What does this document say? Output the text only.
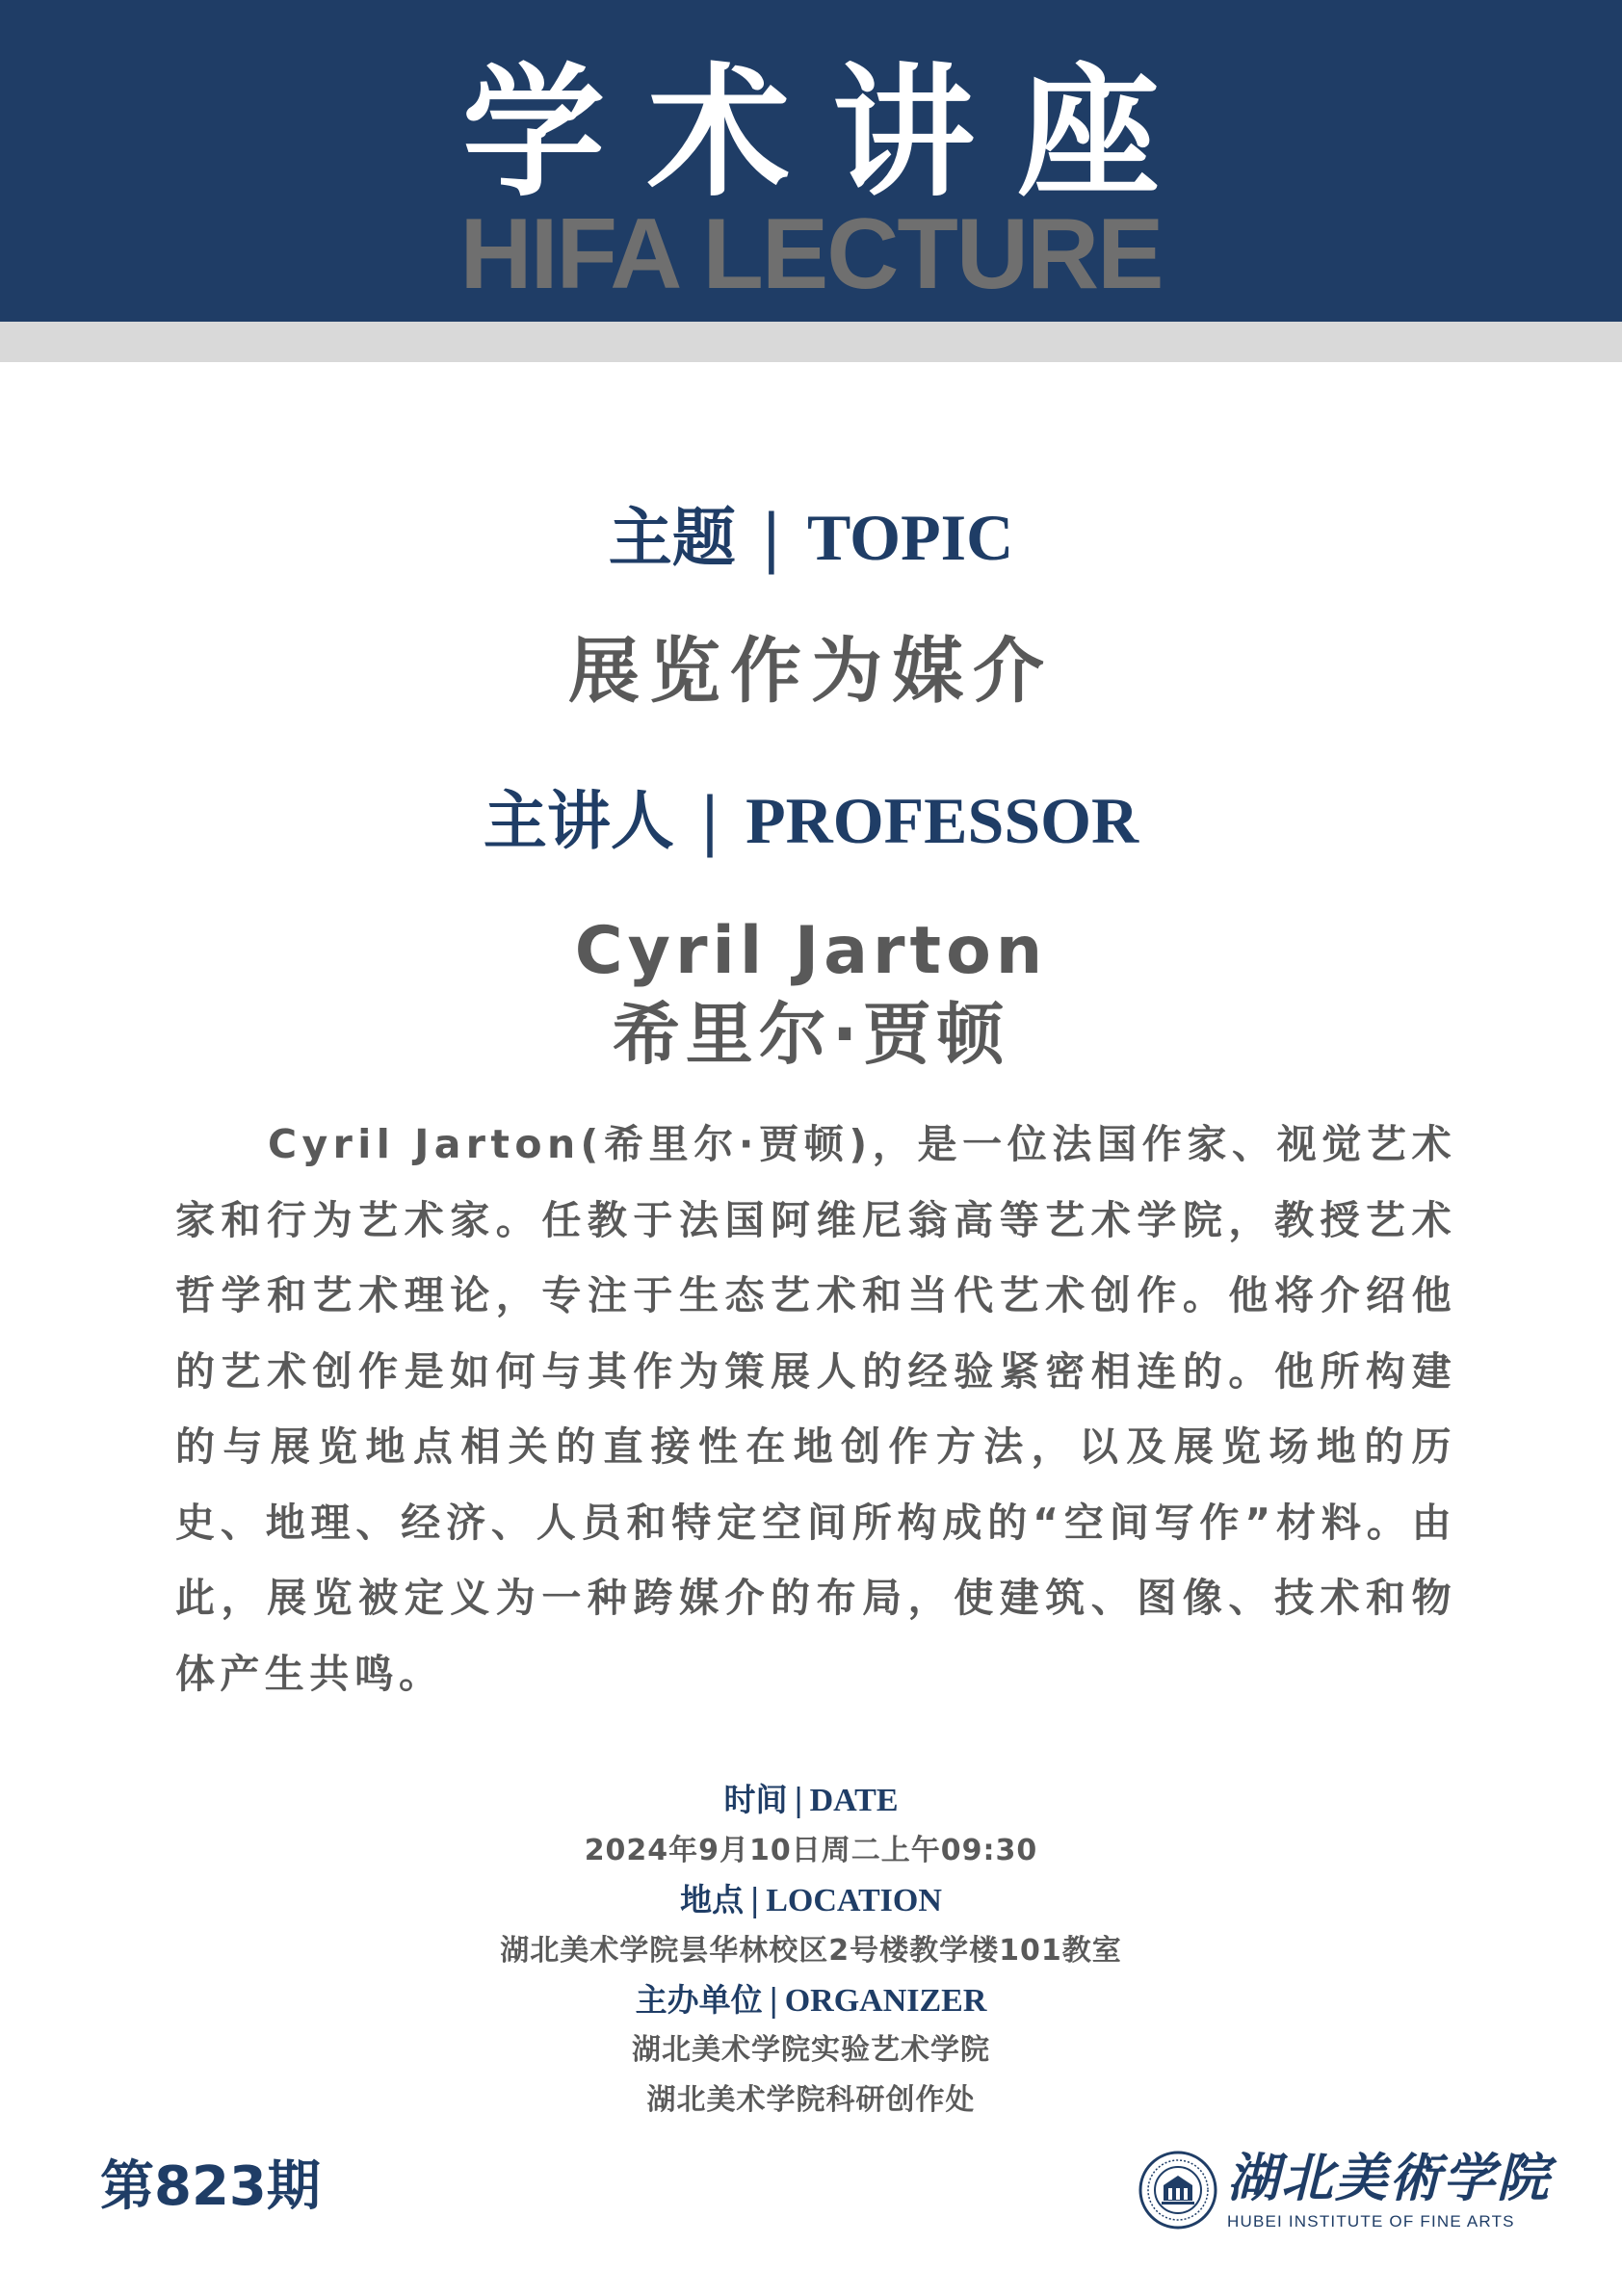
学术讲座
HIFA LECTURE
主题 | TOPIC
展览作为媒介
主讲人 | PROFESSOR
Cyril Jarton
希里尔·贾顿

Cyril Jarton(希里尔·贾顿)，是一位法国作家、视觉艺术家和行为艺术家。任教于法国阿维尼翁高等艺术学院，教授艺术哲学和艺术理论，专注于生态艺术和当代艺术创作。他将介绍他的艺术创作是如何与其作为策展人的经验紧密相连的。他所构建的与展览地点相关的直接性在地创作方法，以及展览场地的历史、地理、经济、人员和特定空间所构成的“空间写作”材料。由此，展览被定义为一种跨媒介的布局，使建筑、图像、技术和物体产生共鸣。

时间 | DATE
2024年9月10日周二上午09:30
地点 | LOCATION
湖北美术学院昙华林校区2号楼教学楼101教室
主办单位 | ORGANIZER
湖北美术学院实验艺术学院
湖北美术学院科研创作处
第823期	湖北美術学院
HUBEI INSTITUTE OF FINE ARTS
